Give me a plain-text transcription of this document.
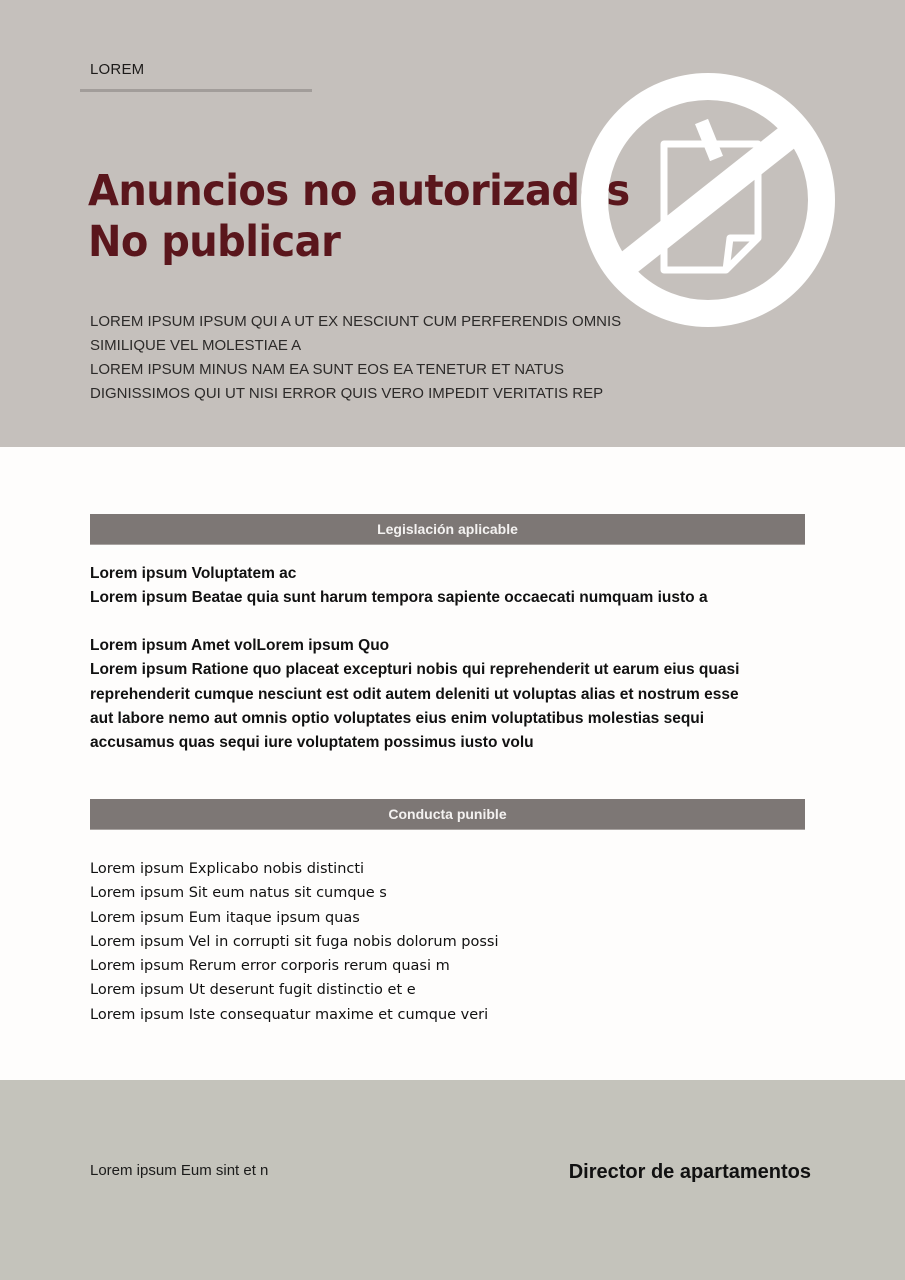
LOREM
Anuncios no autorizados
No publicar

LOREM IPSUM IPSUM QUI A UT EX NESCIUNT CUM PERFERENDIS OMNIS

SIMILIQUE VEL MOLESTIAE A

LOREM IPSUM MINUS NAM EA SUNT EOS EA TENETUR ET NATUS

DIGNISSIMOS QUI UT NISI ERROR QUIS VERO IMPEDIT VERITATIS REP

Legislación aplicable

Lorem ipsum Voluptatem ac

Lorem ipsum Beatae quia sunt harum tempora sapiente occaecati numquam iusto a

Lorem ipsum Amet volLorem ipsum Quo

Lorem ipsum Ratione quo placeat excepturi nobis qui reprehenderit ut earum eius quasi

reprehenderit cumque nesciunt est odit autem deleniti ut voluptas alias et nostrum esse

aut labore nemo aut omnis optio voluptates eius enim voluptatibus molestias sequi

accusamus quas sequi iure voluptatem possimus iusto volu

Conducta punible

Lorem ipsum Explicabo nobis distincti

Lorem ipsum Sit eum natus sit cumque s

Lorem ipsum Eum itaque ipsum quas

Lorem ipsum Vel in corrupti sit fuga nobis dolorum possi

Lorem ipsum Rerum error corporis rerum quasi m

Lorem ipsum Ut deserunt fugit distinctio et e

Lorem ipsum Iste consequatur maxime et cumque veri

Lorem ipsum Eum sint et n	Director de apartamentos
